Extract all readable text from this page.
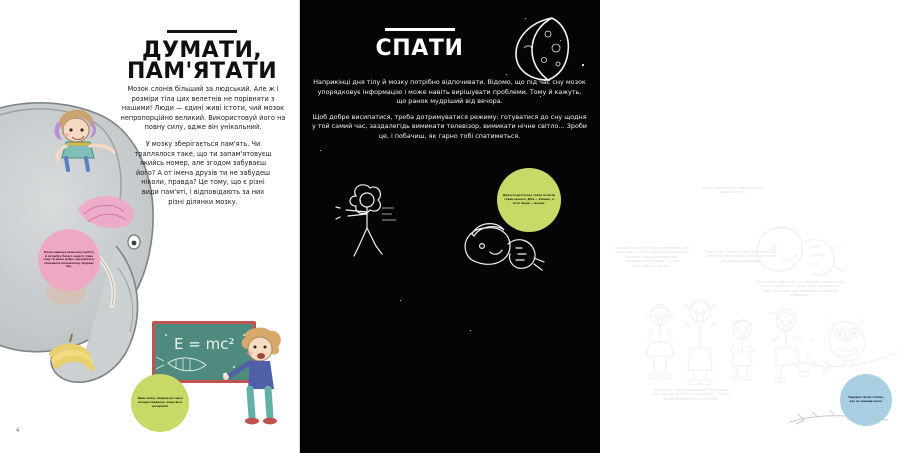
Мозок виконує величезну роботу й потребує багато енергії. Саме тому ти маєш добре харчуватися, споживати різноманітну здорову їжу.
ДУМАТИ,
ПАМ'ЯТАТИ

Мозок слонів більший за людський. Але ж і розміри тіла цих велетнів не порівняти з нашими! Люди — єдині живі істоти, чий мозок непропорційно великий. Використовуй його на повну силу, адже він унікальний.

У мозку зберігається пам'ять. Чи траплялося таке, що ти запам'ятовуєш якийсь номер, але згодом забуваєш його? А от імена друзів ти не забудеш ніколи, правда? Це тому, що є різні види пам'яті, і відповідають за них різні ділянки мозку.

E = mc²
Лише мозку людини до снаги складні завдання, якщо його тренувати!
4
СПАТИ

Наприкінці дня тілу й мозку потрібно відпочивати. Відомо, що під час сну мозок упорядковує інформацію і може навіть вирішувати проблеми. Тому й кажуть, що ранок мудріший від вечора.

Щоб добре висипатися, треба дотримуватися режиму: готуватися до сну щодня у той самий час, заздалегідь вимикати телевізор, вимикати нічне світло… Зроби це, і побачиш, як гарно тобі спатиметься.

Дорослі достатньо спати по вісім годин щоночі. Діти — більше, а літні люди — менше.
Деякі люди мають сомнамбулізм і ходять уві сні.
Снами, які ніхто не знає достеменно, для чого нам потрібні видіння. Зазвичай ми бачимо, коли засинаємо або прокидаємось, а іноді — коли пам'ятається погано.
Позіхання, тривожні рот рефлекси. Це ознака не обов'язково щоб рід бачити той найбільший мозок.
Чи знайоме тобі відчуття, коли від недосипання голова «як важка»? Якщо ти як виспишся як слід, то можна того добрий день вельми втомитися.
Обережно, позіхання заразне! Чи буваєш таке, що варто тобі розпозіхатися — і хтось поряд починає позіхати й собі?	Тварини також сплять, але не завжди вночі.
